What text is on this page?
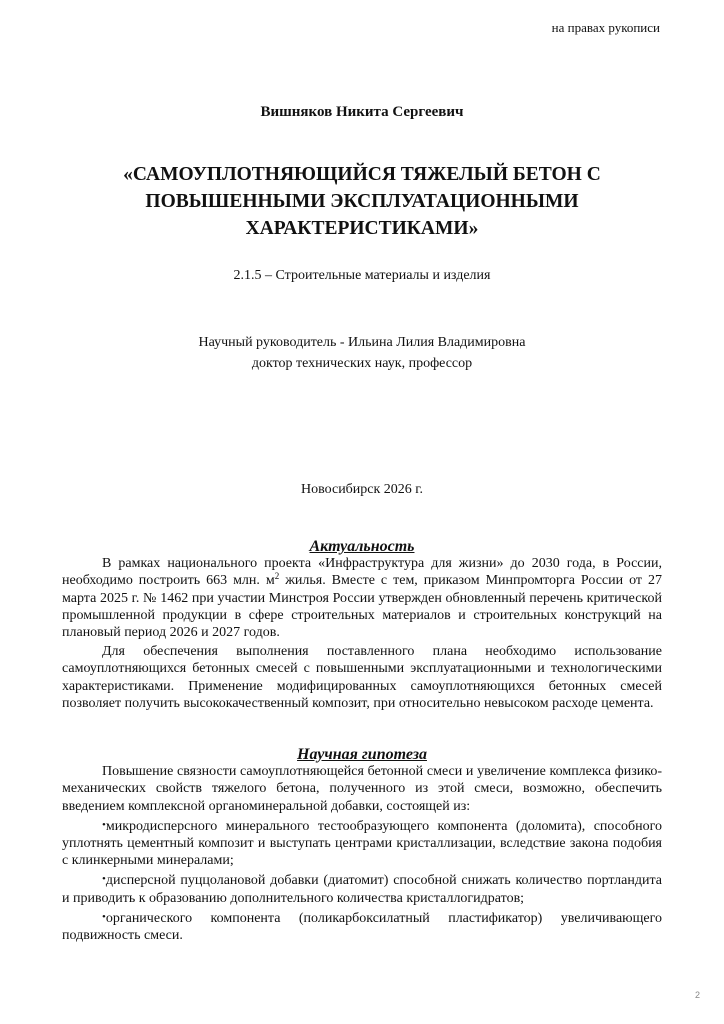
на правах рукописи
Вишняков Никита Сергеевич
«САМОУПЛОТНЯЮЩИЙСЯ ТЯЖЕЛЫЙ БЕТОН С ПОВЫШЕННЫМИ ЭКСПЛУАТАЦИОННЫМИ ХАРАКТЕРИСТИКАМИ»
2.1.5 – Строительные материалы и изделия
Научный руководитель - Ильина Лилия Владимировна
доктор технических наук, профессор
Новосибирск 2026 г.
Актуальность

В рамках национального проекта «Инфраструктура для жизни» до 2030 года, в России, необходимо построить 663 млн. $м^2$ жилья. Вместе с тем, приказом Минпромторга России от 27 марта 2025 г. № 1462 при участии Минстроя России утвержден обновленный перечень критической промышленной продукции в сфере строительных материалов и строительных конструкций на плановый период 2026 и 2027 годов.

Для обеспечения выполнения поставленного плана необходимо использование самоуплотняющихся бетонных смесей с повышенными эксплуатационными и технологическими характеристиками. Применение модифицированных самоуплотняющихся бетонных смесей позволяет получить высококачественный композит, при относительно невысоком расходе цемента.

Научная гипотеза

Повышение связности самоуплотняющейся бетонной смеси и увеличение комплекса физико-механических свойств тяжелого бетона, полученного из этой смеси, возможно, обеспечить введением комплексной органоминеральной добавки, состоящей из:

•микродисперсного минерального тестообразующего компонента (доломита), способного уплотнять цементный композит и выступать центрами кристаллизации, вследствие закона подобия с клинкерными минералами;

•дисперсной пуццолановой добавки (диатомит) способной снижать количество портландита и приводить к образованию дополнительного количества кристаллогидратов;

•органического компонента (поликарбоксилатный пластификатор) увеличивающего подвижность смеси.

2
